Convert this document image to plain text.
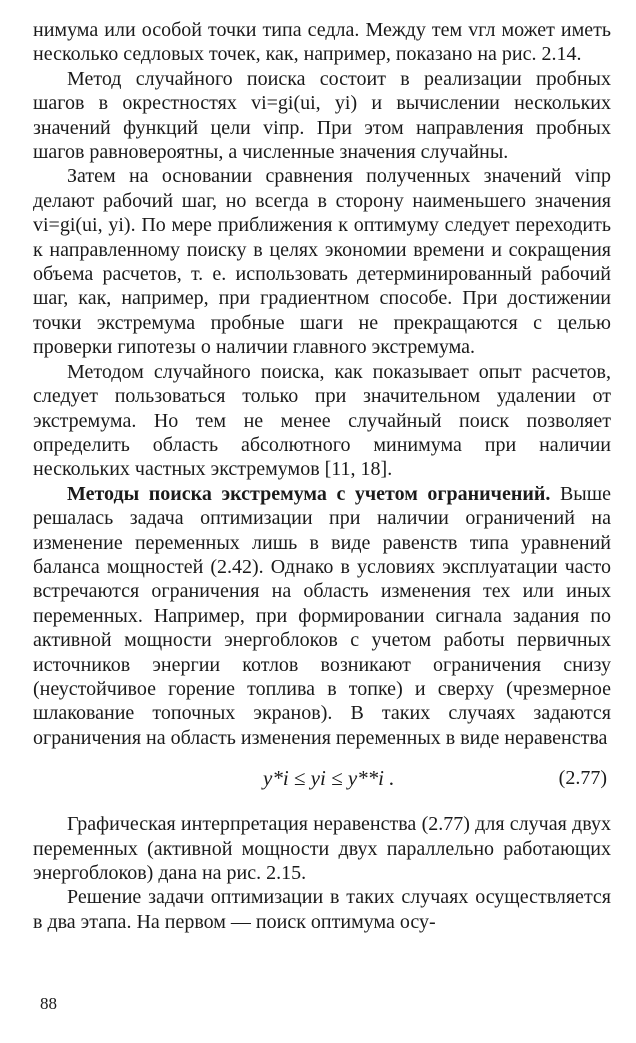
нимума или особой точки типа седла. Между тем vгл может иметь несколько седловых точек, как, например, показано на рис. 2.14.

Метод случайного поиска состоит в реализации пробных шагов в окрестностях vi=gi(ui, yi) и вычислении нескольких значений функций цели viпр. При этом направления пробных шагов равновероятны, а численные значения случайны.

Затем на основании сравнения полученных значений viпр делают рабочий шаг, но всегда в сторону наименьшего значения vi=gi(ui, yi). По мере приближения к оптимуму следует переходить к направленному поиску в целях экономии времени и сокращения объема расчетов, т. е. использовать детерминированный рабочий шаг, как, например, при градиентном способе. При достижении точки экстремума пробные шаги не прекращаются с целью проверки гипотезы о наличии главного экстремума.

Методом случайного поиска, как показывает опыт расчетов, следует пользоваться только при значительном удалении от экстремума. Но тем не менее случайный поиск позволяет определить область абсолютного минимума при наличии нескольких частных экстремумов [11, 18].

Методы поиска экстремума с учетом ограничений. Выше решалась задача оптимизации при наличии ограничений на изменение переменных лишь в виде равенств типа уравнений баланса мощностей (2.42). Однако в условиях эксплуатации часто встречаются ограничения на область изменения тех или иных переменных. Например, при формировании сигнала задания по активной мощности энергоблоков с учетом работы первичных источников энергии котлов возникают ограничения снизу (неустойчивое горение топлива в топке) и сверху (чрезмерное шлакование топочных экранов). В таких случаях задаются ограничения на область изменения переменных в виде неравенства

y*i ≤ yi ≤ y**i .	(2.77)

Графическая интерпретация неравенства (2.77) для случая двух переменных (активной мощности двух параллельно работающих энергоблоков) дана на рис. 2.15.

Решение задачи оптимизации в таких случаях осуществляется в два этапа. На первом — поиск оптимума осу-

88
